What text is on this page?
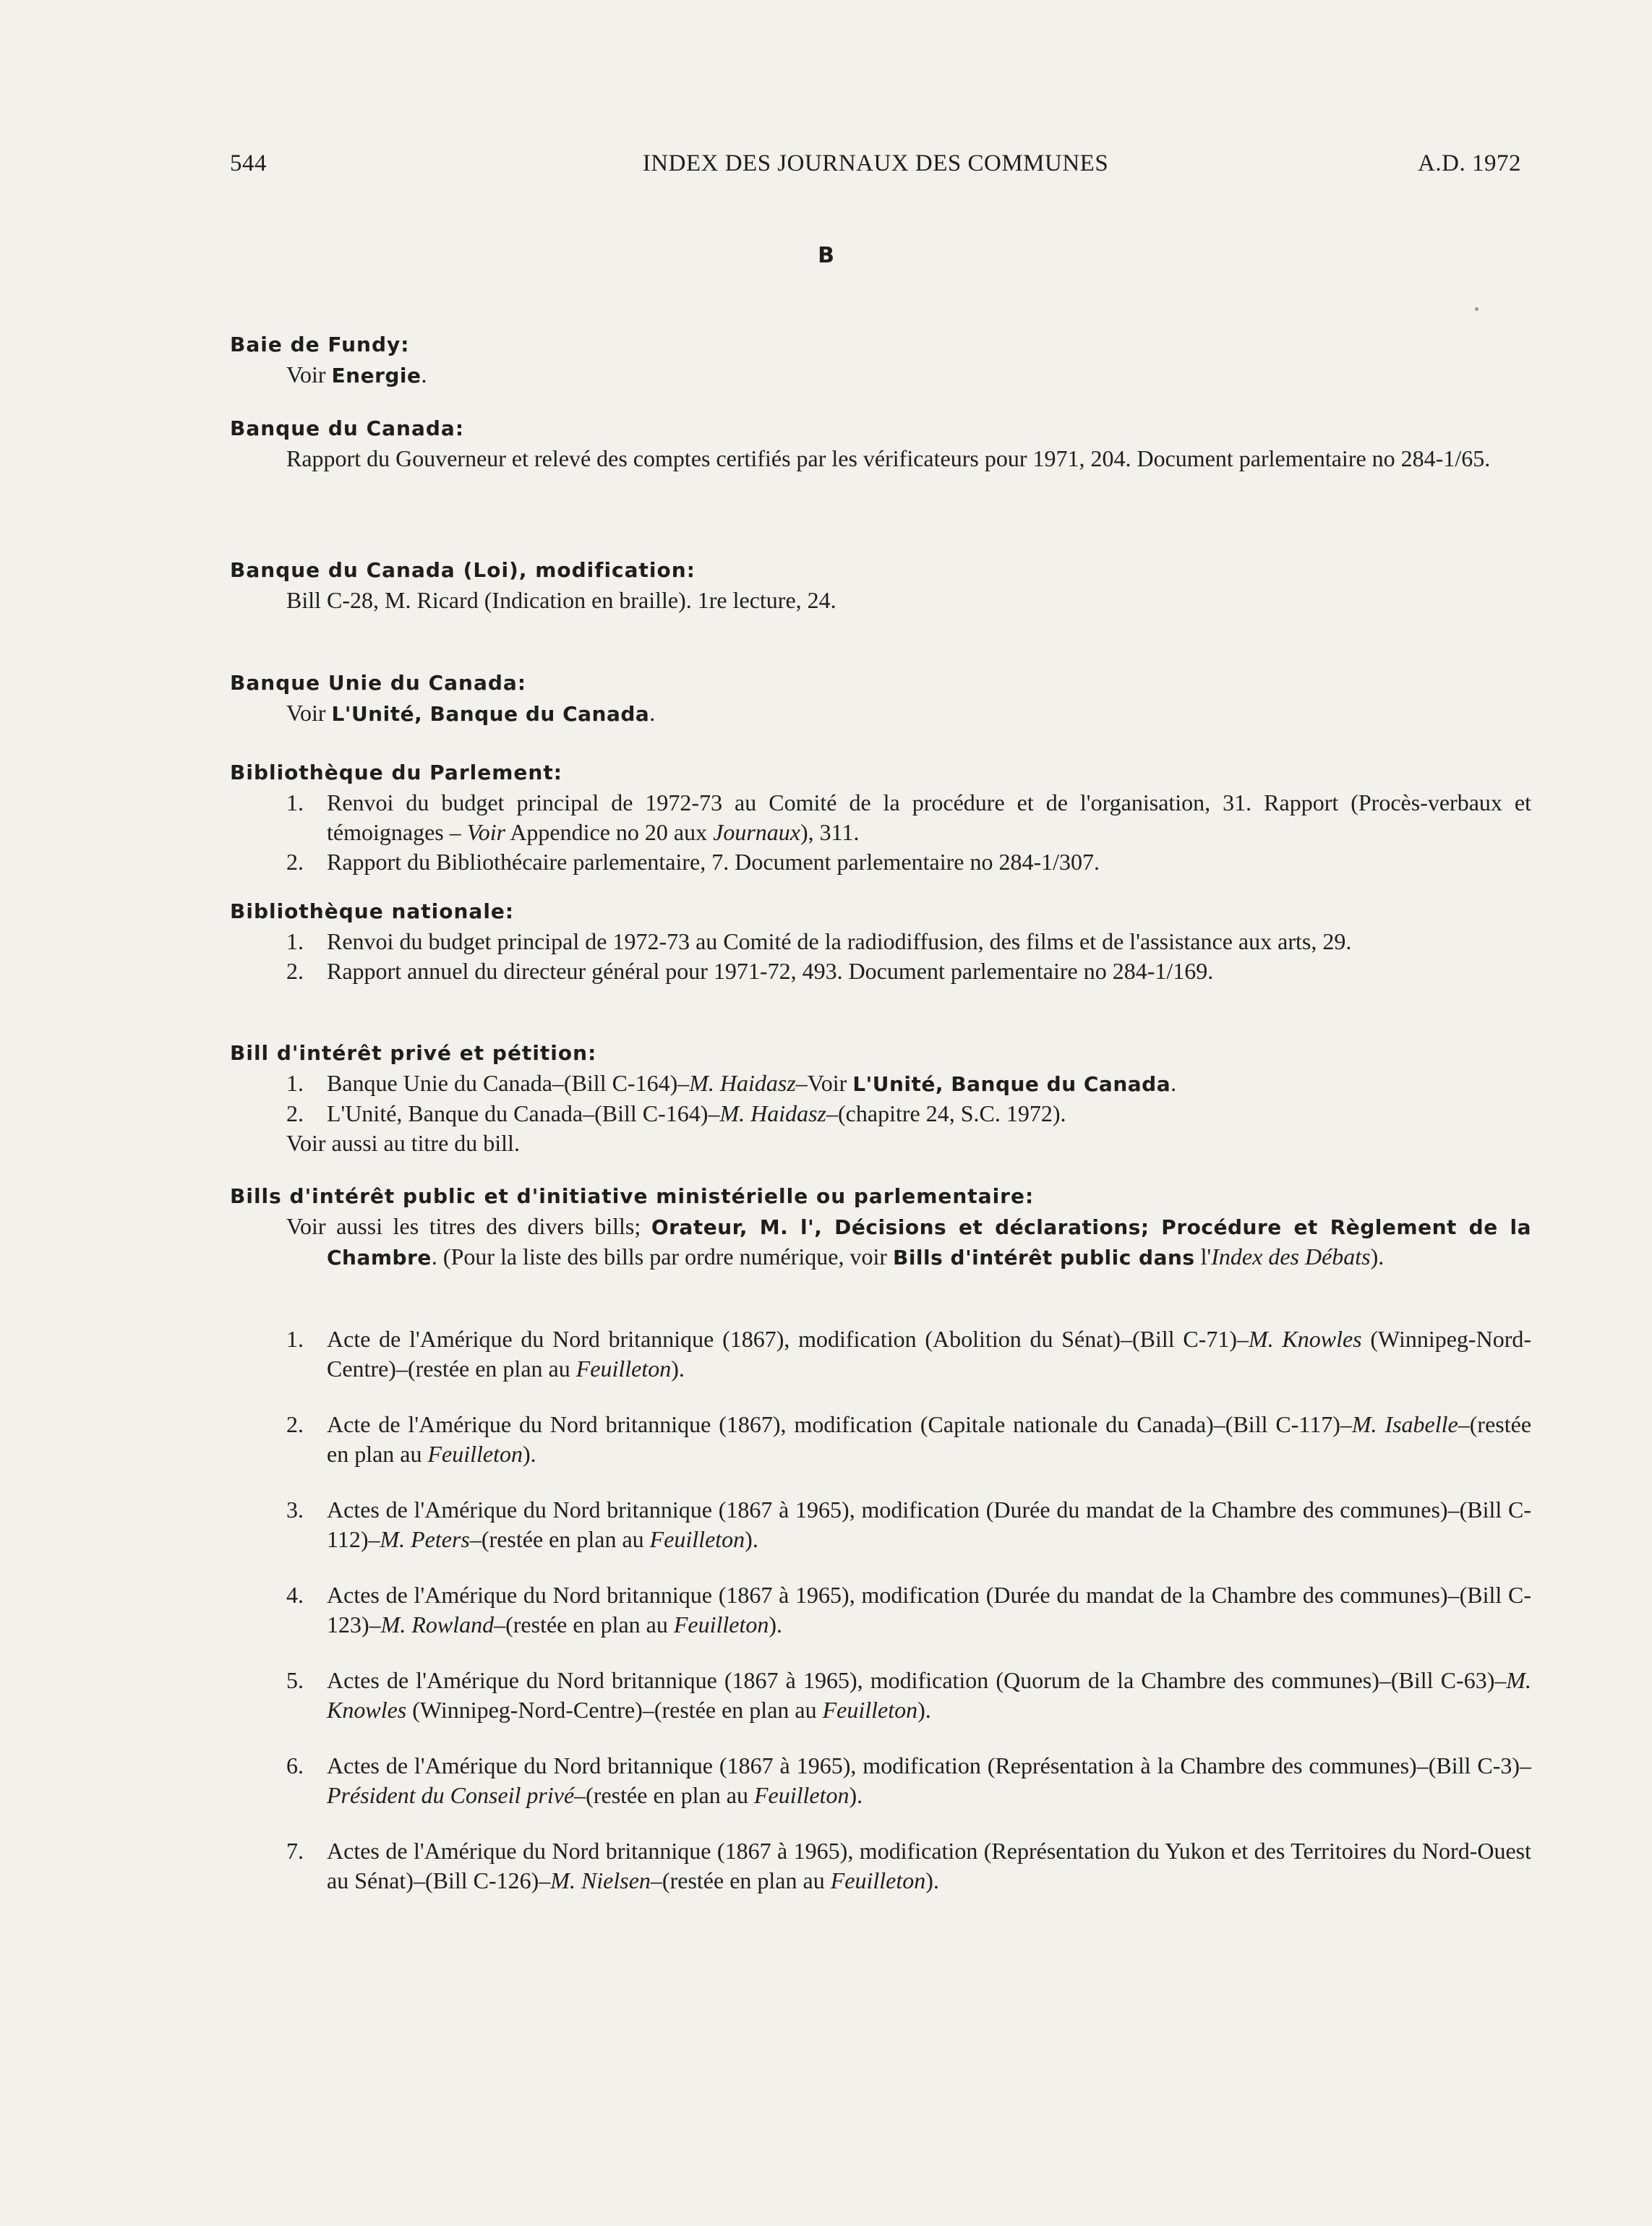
544	INDEX DES JOURNAUX DES COMMUNES	A.D. 1972
B
Baie de Fundy:
Voir Energie.
Banque du Canada:
Rapport du Gouverneur et relevé des comptes certifiés par les vérificateurs pour 1971, 204. Document parlementaire no 284-1/65.
Banque du Canada (Loi), modification:
Bill C-28, M. Ricard (Indication en braille). 1re lecture, 24.
Banque Unie du Canada:
Voir L'Unité, Banque du Canada.
Bibliothèque du Parlement:
1. Renvoi du budget principal de 1972-73 au Comité de la procédure et de l'organisation, 31. Rapport (Procès-verbaux et témoignages – Voir Appendice no 20 aux Journaux), 311.
2. Rapport du Bibliothécaire parlementaire, 7. Document parlementaire no 284-1/307.
Bibliothèque nationale:
1. Renvoi du budget principal de 1972-73 au Comité de la radiodiffusion, des films et de l'assistance aux arts, 29.
2. Rapport annuel du directeur général pour 1971-72, 493. Document parlementaire no 284-1/169.
Bill d'intérêt privé et pétition:
1. Banque Unie du Canada–(Bill C-164)–M. Haidasz–Voir L'Unité, Banque du Canada.
2. L'Unité, Banque du Canada–(Bill C-164)–M. Haidasz–(chapitre 24, S.C. 1972).
Voir aussi au titre du bill.
Bills d'intérêt public et d'initiative ministérielle ou parlementaire:
Voir aussi les titres des divers bills; Orateur, M. l', Décisions et déclarations; Procédure et Règlement de la Chambre. (Pour la liste des bills par ordre numérique, voir Bills d'intérêt public dans l'Index des Débats).
1. Acte de l'Amérique du Nord britannique (1867), modification (Abolition du Sénat)–(Bill C-71)–M. Knowles (Winnipeg-Nord-Centre)–(restée en plan au Feuilleton).
2. Acte de l'Amérique du Nord britannique (1867), modification (Capitale nationale du Canada)–(Bill C-117)–M. Isabelle–(restée en plan au Feuilleton).
3. Actes de l'Amérique du Nord britannique (1867 à 1965), modification (Durée du mandat de la Chambre des communes)–(Bill C-112)–M. Peters–(restée en plan au Feuilleton).
4. Actes de l'Amérique du Nord britannique (1867 à 1965), modification (Durée du mandat de la Chambre des communes)–(Bill C-123)–M. Rowland–(restée en plan au Feuilleton).
5. Actes de l'Amérique du Nord britannique (1867 à 1965), modification (Quorum de la Chambre des communes)–(Bill C-63)–M. Knowles (Winnipeg-Nord-Centre)–(restée en plan au Feuilleton).
6. Actes de l'Amérique du Nord britannique (1867 à 1965), modification (Représentation à la Chambre des communes)–(Bill C-3)–Président du Conseil privé–(restée en plan au Feuilleton).
7. Actes de l'Amérique du Nord britannique (1867 à 1965), modification (Représentation du Yukon et des Territoires du Nord-Ouest au Sénat)–(Bill C-126)–M. Nielsen–(restée en plan au Feuilleton).
